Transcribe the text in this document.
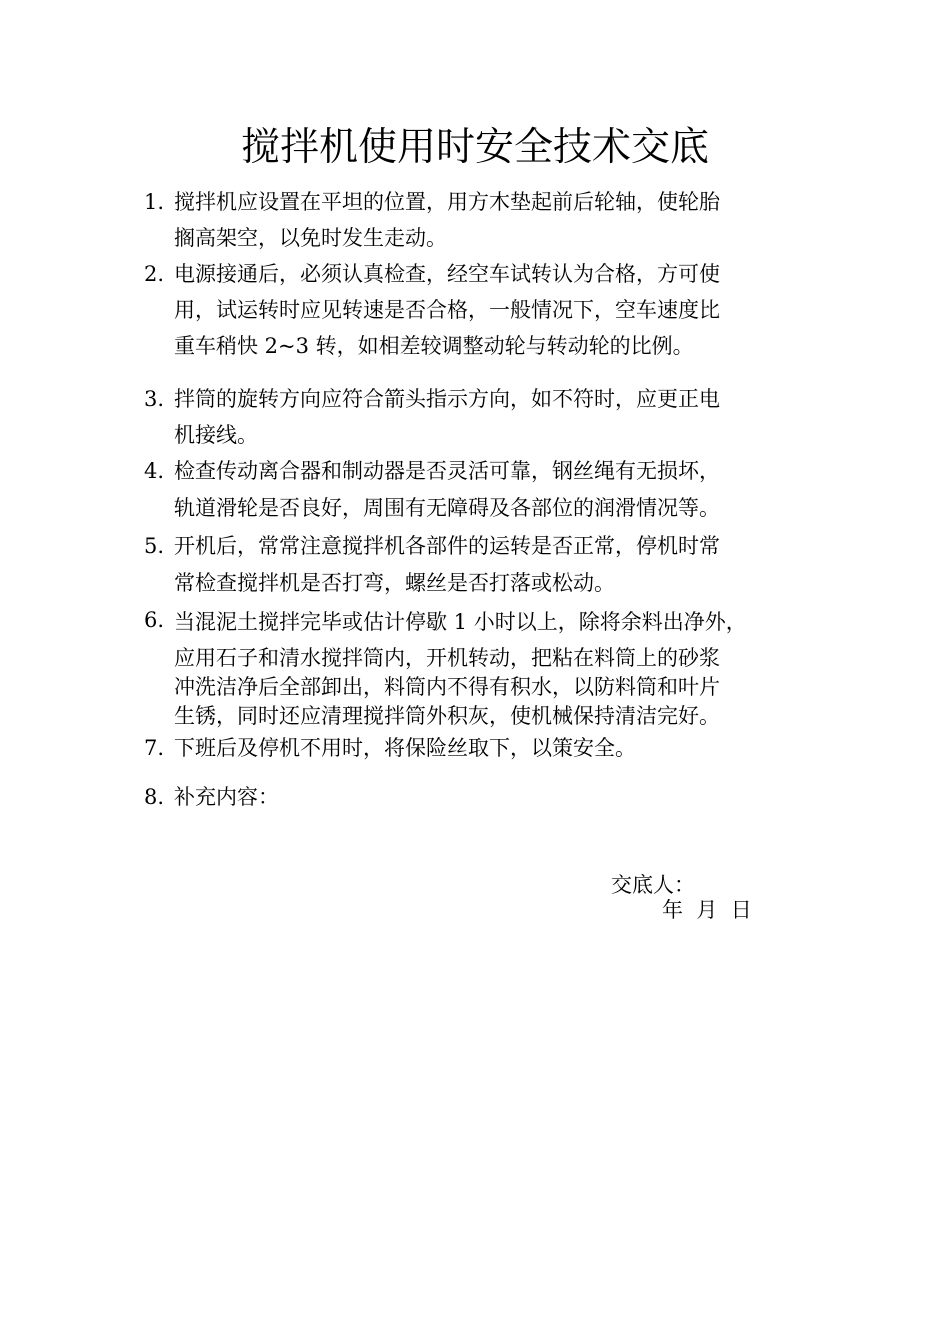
搅拌机使用时安全技术交底
1. 搅拌机应设置在平坦的位置，用方木垫起前后轮轴，使轮胎
搁高架空，以免时发生走动。
2. 电源接通后，必须认真检查，经空车试转认为合格，方可使
用，试运转时应见转速是否合格，一般情况下，空车速度比
重车稍快 2~3 转，如相差较调整动轮与转动轮的比例。
3. 拌筒的旋转方向应符合箭头指示方向，如不符时，应更正电
机接线。
4. 检查传动离合器和制动器是否灵活可靠，钢丝绳有无损坏，
轨道滑轮是否良好，周围有无障碍及各部位的润滑情况等。
5. 开机后，常常注意搅拌机各部件的运转是否正常，停机时常
常检查搅拌机是否打弯，螺丝是否打落或松动。
6. 当混泥土搅拌完毕或估计停歇 1 小时以上，除将余料出净外，
应用石子和清水搅拌筒内，开机转动，把粘在料筒上的砂浆
冲洗洁净后全部卸出，料筒内不得有积水，以防料筒和叶片
生锈，同时还应清理搅拌筒外积灰，使机械保持清洁完好。
7. 下班后及停机不用时，将保险丝取下，以策安全。
8. 补充内容：
交底人：
年  月  日
